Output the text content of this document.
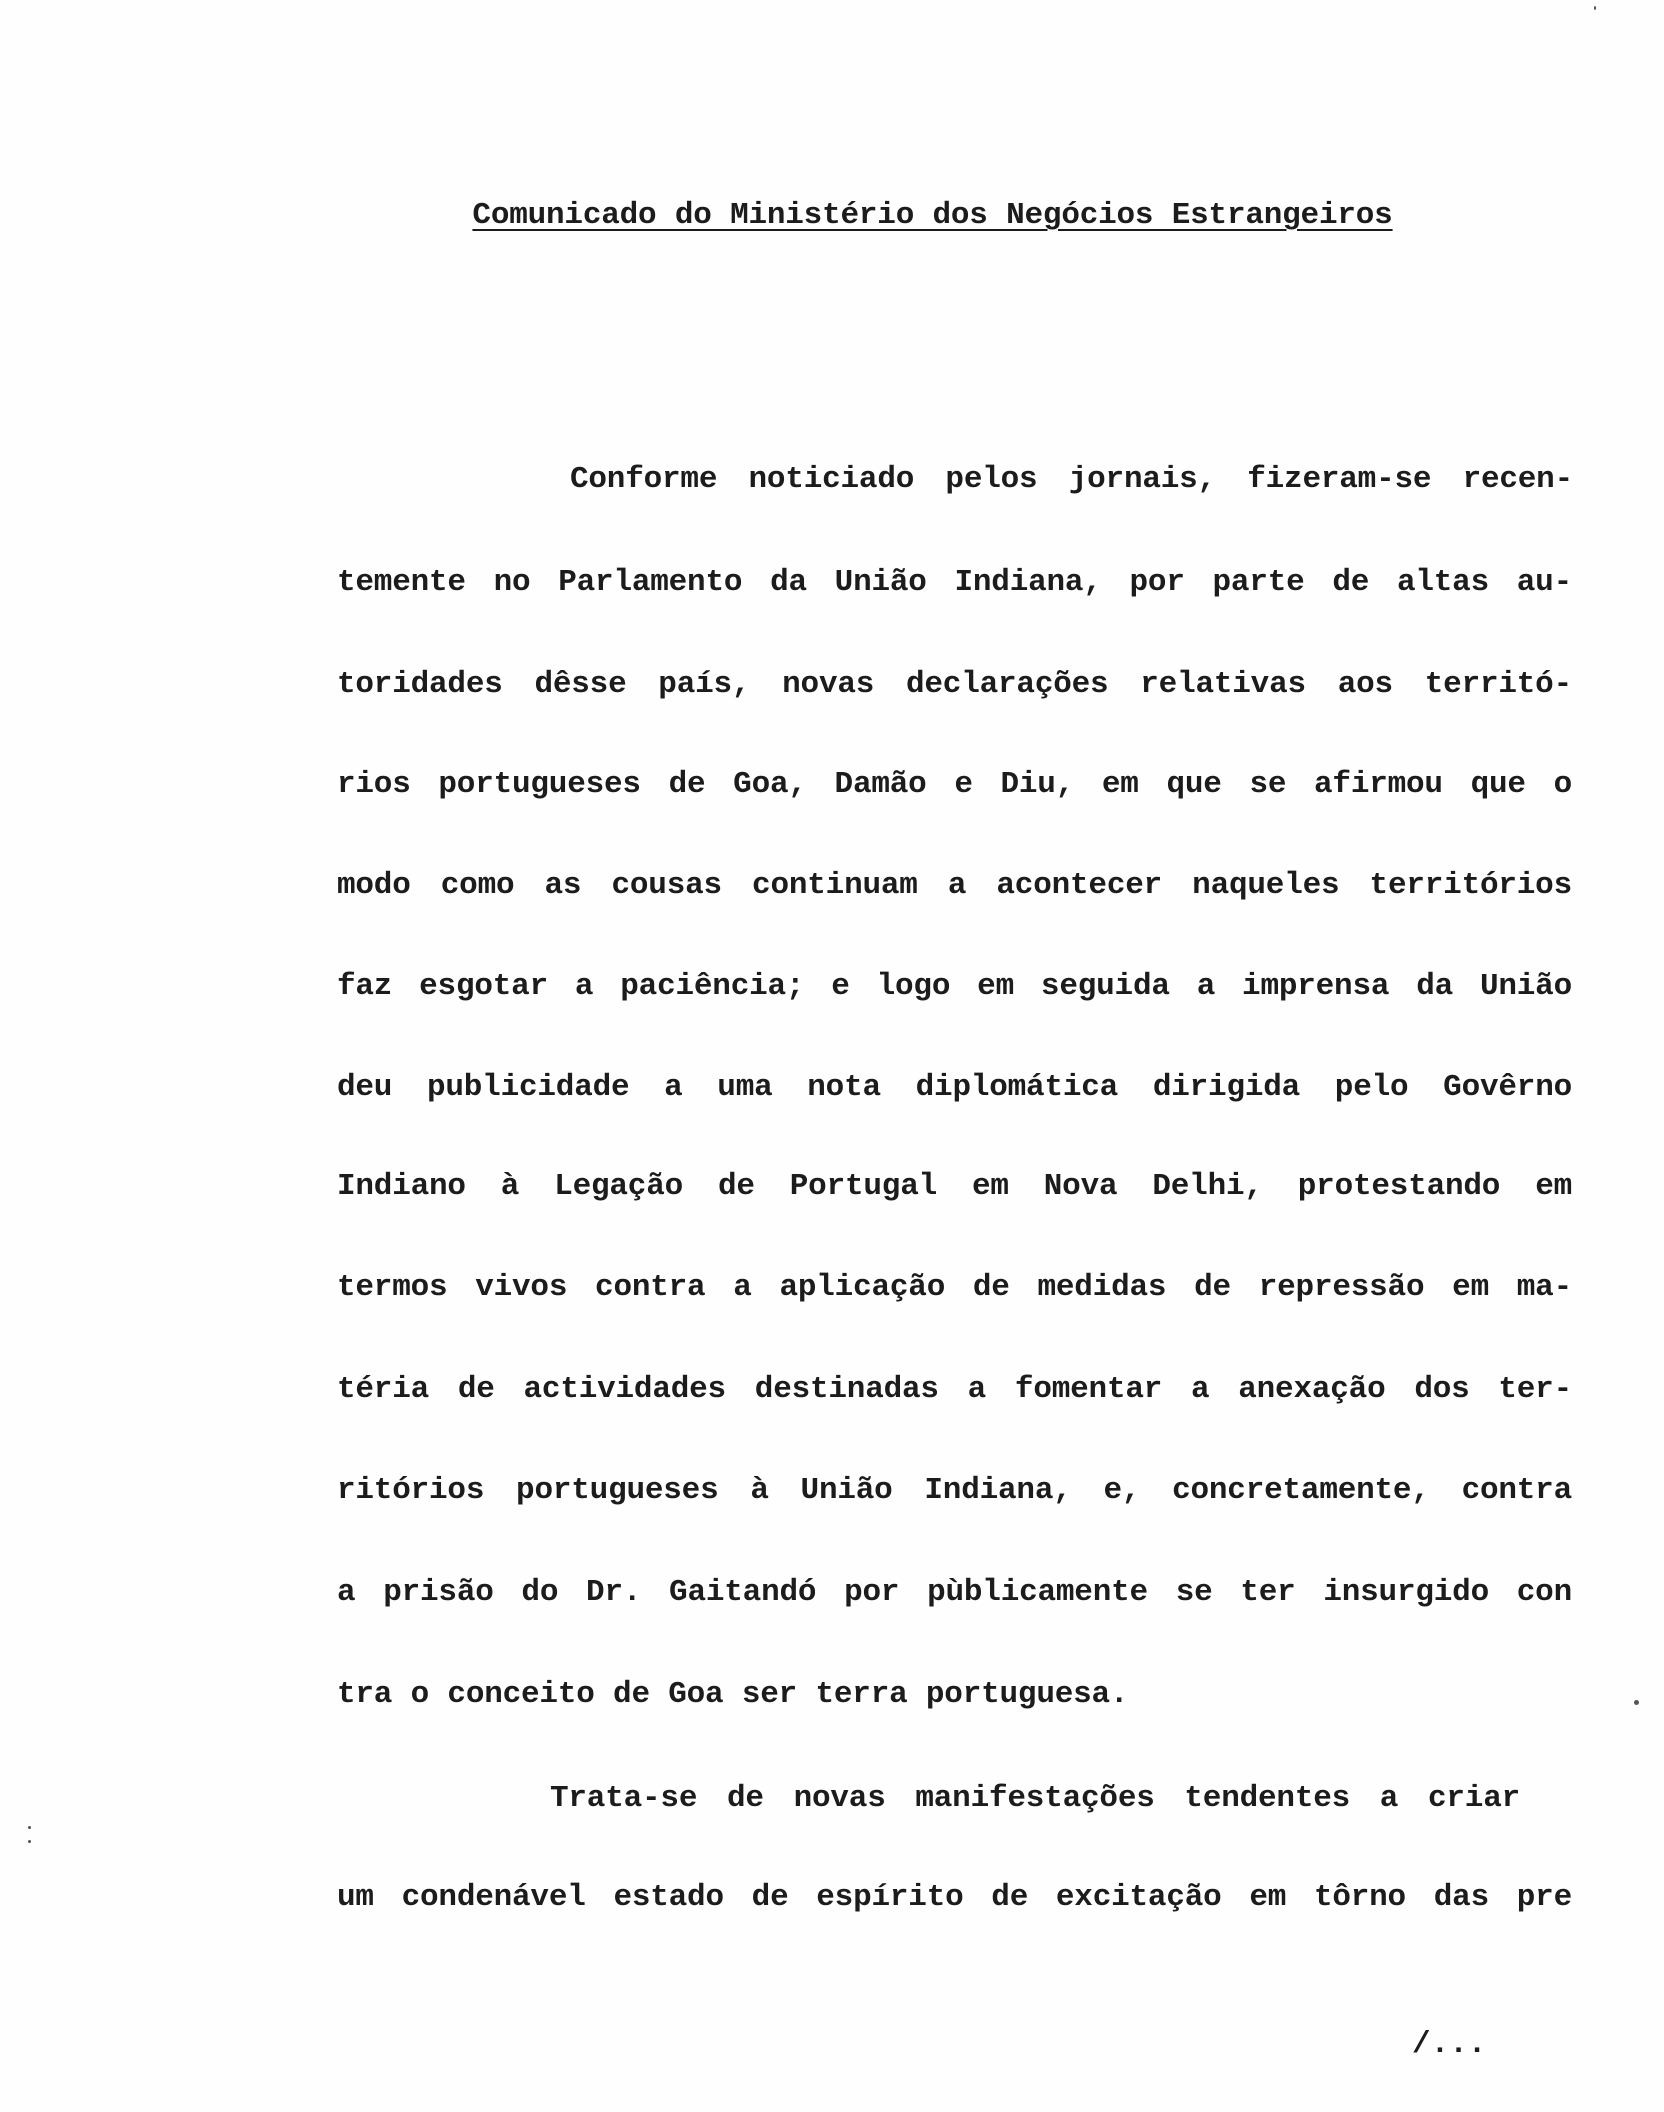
Comunicado do Ministério dos Negócios Estrangeiros
Conforme noticiado pelos jornais, fizeram-se recen-
temente no Parlamento da União Indiana, por parte de altas au-
toridades dêsse país, novas declarações relativas aos territó-
rios portugueses de Goa, Damão e Diu, em que se afirmou que o
modo como as cousas continuam a acontecer naqueles territórios
faz esgotar a paciência; e logo em seguida a imprensa da União
deu publicidade a uma nota diplomática dirigida pelo Govêrno
Indiano à Legação de Portugal em Nova Delhi, protestando em
termos vivos contra a aplicação de medidas de repressão em ma-
téria de actividades destinadas a fomentar a anexação dos ter-
ritórios portugueses à União Indiana, e, concretamente, contra
a prisão do Dr. Gaitandó por pùblicamente se ter insurgido con
tra o conceito de Goa ser terra portuguesa.
Trata-se de novas manifestações tendentes a criar
um condenável estado de espírito de excitação em tôrno das pre
/...
